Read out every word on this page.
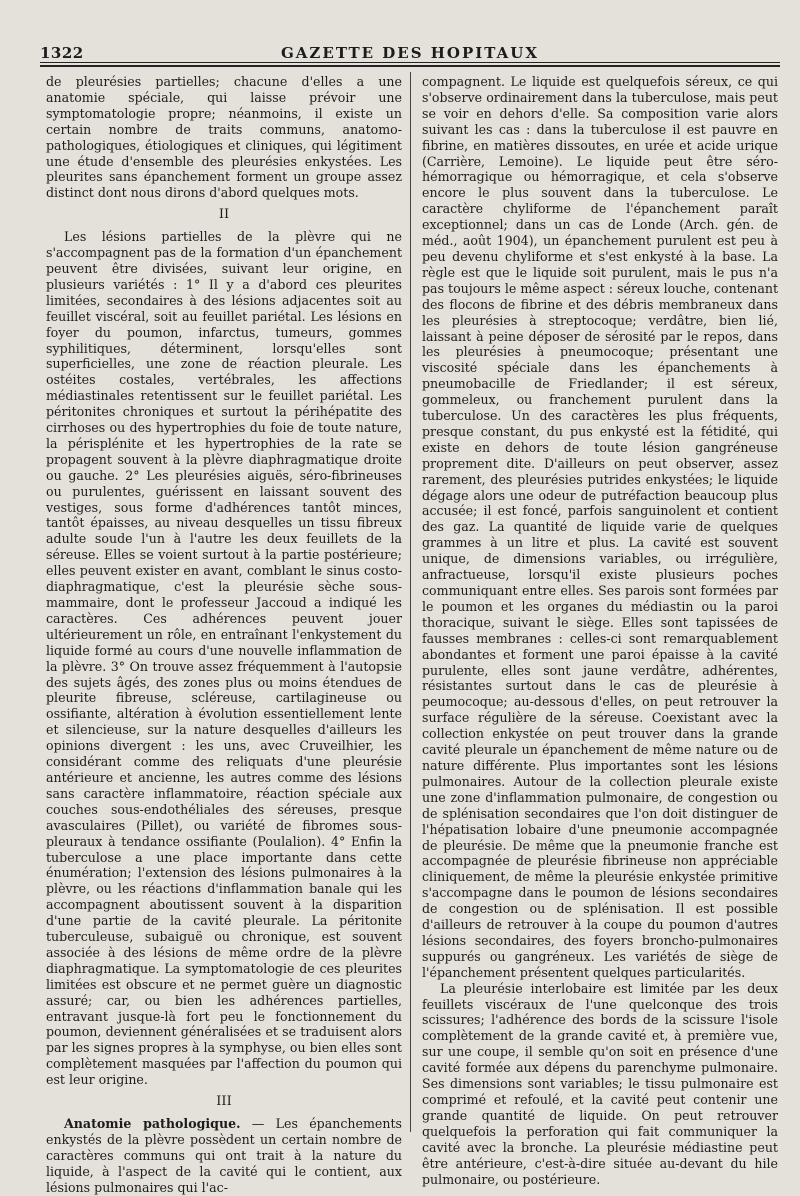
1322	GAZETTE DES HOPITAUX

de pleurésies partielles; chacune d'elles a une anatomie spéciale, qui laisse prévoir une symptomatologie propre; néanmoins, il existe un certain nombre de traits communs, anatomo-pathologiques, étiologiques et cliniques, qui légitiment une étude d'ensemble des pleurésies enkystées. Les pleurites sans épanchement forment un groupe assez distinct dont nous dirons d'abord quelques mots.

II

Les lésions partielles de la plèvre qui ne s'accompagnent pas de la formation d'un épanchement peuvent être divisées, suivant leur origine, en plusieurs variétés : 1° Il y a d'abord ces pleurites limitées, secondaires à des lésions adjacentes soit au feuillet viscéral, soit au feuillet pariétal. Les lésions en foyer du poumon, infarctus, tumeurs, gommes syphilitiques, déterminent, lorsqu'elles sont superficielles, une zone de réaction pleurale. Les ostéites costales, vertébrales, les affections médiastinales retentissent sur le feuillet pariétal. Les péritonites chroniques et surtout la périhépatite des cirrhoses ou des hypertrophies du foie de toute nature, la périsplénite et les hypertrophies de la rate se propagent souvent à la plèvre diaphragmatique droite ou gauche. 2° Les pleurésies aiguës, séro-fibrineuses ou purulentes, guérissent en laissant souvent des vestiges, sous forme d'adhérences tantôt minces, tantôt épaisses, au niveau desquelles un tissu fibreux adulte soude l'un à l'autre les deux feuillets de la séreuse. Elles se voient surtout à la partie postérieure; elles peuvent exister en avant, comblant le sinus costo-diaphragmatique, c'est la pleurésie sèche sous-mammaire, dont le professeur Jaccoud a indiqué les caractères. Ces adhérences peuvent jouer ultérieurement un rôle, en entraînant l'enkystement du liquide formé au cours d'une nouvelle inflammation de la plèvre. 3° On trouve assez fréquemment à l'autopsie des sujets âgés, des zones plus ou moins étendues de pleurite fibreuse, scléreuse, cartilagineuse ou ossifiante, altération à évolution essentiellement lente et silencieuse, sur la nature desquelles d'ailleurs les opinions divergent : les uns, avec Cruveilhier, les considérant comme des reliquats d'une pleurésie antérieure et ancienne, les autres comme des lésions sans caractère inflammatoire, réaction spéciale aux couches sous-endothéliales des séreuses, presque avasculaires (Pillet), ou variété de fibromes sous-pleuraux à tendance ossifiante (Poulalion). 4° Enfin la tuberculose a une place importante dans cette énumération; l'extension des lésions pulmonaires à la plèvre, ou les réactions d'inflammation banale qui les accompagnent aboutissent souvent à la disparition d'une partie de la cavité pleurale. La péritonite tuberculeuse, subaiguë ou chronique, est souvent associée à des lésions de même ordre de la plèvre diaphragmatique. La symptomatologie de ces pleurites limitées est obscure et ne permet guère un diagnostic assuré; car, ou bien les adhérences partielles, entravant jusque-là fort peu le fonctionnement du poumon, deviennent généralisées et se traduisent alors par les signes propres à la symphyse, ou bien elles sont complètement masquées par l'affection du poumon qui est leur origine.

III

Anatomie pathologique. — Les épanchements enkystés de la plèvre possèdent un certain nombre de caractères communs qui ont trait à la nature du liquide, à l'aspect de la cavité qui le contient, aux lésions pulmonaires qui l'ac-

compagnent. Le liquide est quelquefois séreux, ce qui s'observe ordinairement dans la tuberculose, mais peut se voir en dehors d'elle. Sa composition varie alors suivant les cas : dans la tuberculose il est pauvre en fibrine, en matières dissoutes, en urée et acide urique (Carrière, Lemoine). Le liquide peut être séro-hémorragique ou hémorragique, et cela s'observe encore le plus souvent dans la tuberculose. Le caractère chyliforme de l'épanchement paraît exceptionnel; dans un cas de Londe (Arch. gén. de méd., août 1904), un épanchement purulent est peu à peu devenu chyliforme et s'est enkysté à la base. La règle est que le liquide soit purulent, mais le pus n'a pas toujours le même aspect : séreux louche, contenant des flocons de fibrine et des débris membraneux dans les pleurésies à streptocoque; verdâtre, bien lié, laissant à peine déposer de sérosité par le repos, dans les pleurésies à pneumocoque; présentant une viscosité spéciale dans les épanchements à pneumobacille de Friedlander; il est séreux, gommeleux, ou franchement purulent dans la tuberculose. Un des caractères les plus fréquents, presque constant, du pus enkysté est la fétidité, qui existe en dehors de toute lésion gangréneuse proprement dite. D'ailleurs on peut observer, assez rarement, des pleurésies putrides enkystées; le liquide dégage alors une odeur de putréfaction beaucoup plus accusée; il est foncé, parfois sanguinolent et contient des gaz. La quantité de liquide varie de quelques grammes à un litre et plus. La cavité est souvent unique, de dimensions variables, ou irrégulière, anfractueuse, lorsqu'il existe plusieurs poches communiquant entre elles. Ses parois sont formées par le poumon et les organes du médiastin ou la paroi thoracique, suivant le siège. Elles sont tapissées de fausses membranes : celles-ci sont remarquablement abondantes et forment une paroi épaisse à la cavité purulente, elles sont jaune verdâtre, adhérentes, résistantes surtout dans le cas de pleurésie à peumocoque; au-dessous d'elles, on peut retrouver la surface régulière de la séreuse. Coexistant avec la collection enkystée on peut trouver dans la grande cavité pleurale un épanchement de même nature ou de nature différente. Plus importantes sont les lésions pulmonaires. Autour de la collection pleurale existe une zone d'inflammation pulmonaire, de congestion ou de splénisation secondaires que l'on doit distinguer de l'hépatisation lobaire d'une pneumonie accompagnée de pleurésie. De même que la pneumonie franche est accompagnée de pleurésie fibrineuse non appréciable cliniquement, de même la pleurésie enkystée primitive s'accompagne dans le poumon de lésions secondaires de congestion ou de splénisation. Il est possible d'ailleurs de retrouver à la coupe du poumon d'autres lésions secondaires, des foyers broncho-pulmonaires suppurés ou gangréneux. Les variétés de siège de l'épanchement présentent quelques particularités.

La pleurésie interlobaire est limitée par les deux feuillets viscéraux de l'une quelconque des trois scissures; l'adhérence des bords de la scissure l'isole complètement de la grande cavité et, à première vue, sur une coupe, il semble qu'on soit en présence d'une cavité formée aux dépens du parenchyme pulmonaire. Ses dimensions sont variables; le tissu pulmonaire est comprimé et refoulé, et la cavité peut contenir une grande quantité de liquide. On peut retrouver quelquefois la perforation qui fait communiquer la cavité avec la bronche. La pleurésie médiastine peut être antérieure, c'est-à-dire située au-devant du hile pulmonaire, ou postérieure.
